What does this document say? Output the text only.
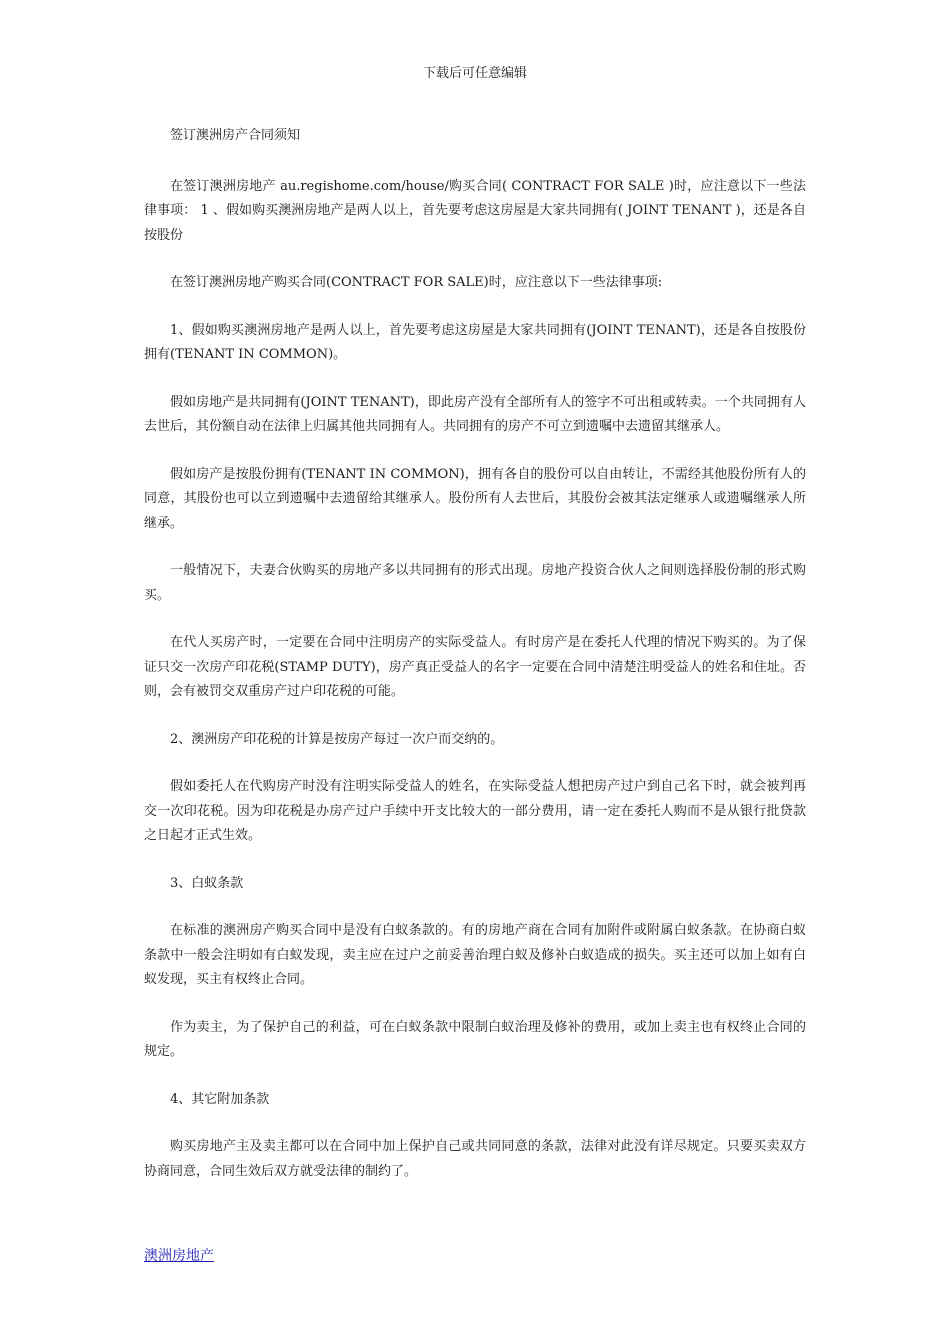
下载后可任意编辑

签订澳洲房产合同须知

在签订澳洲房地产 au.regishome.com/house/购买合同( CONTRACT FOR SALE )时，应注意以下一些法律事项： 1 、假如购买澳洲房地产是两人以上，首先要考虑这房屋是大家共同拥有( JOINT TENANT )，还是各自按股份

在签订澳洲房地产购买合同(CONTRACT FOR SALE)时，应注意以下一些法律事项:

1、假如购买澳洲房地产是两人以上，首先要考虑这房屋是大家共同拥有(JOINT TENANT)，还是各自按股份拥有(TENANT IN COMMON)。

假如房地产是共同拥有(JOINT TENANT)，即此房产没有全部所有人的签字不可出租或转卖。一个共同拥有人去世后，其份额自动在法律上归属其他共同拥有人。共同拥有的房产不可立到遗嘱中去遗留其继承人。

假如房产是按股份拥有(TENANT IN COMMON)，拥有各自的股份可以自由转让，不需经其他股份所有人的同意，其股份也可以立到遗嘱中去遗留给其继承人。股份所有人去世后，其股份会被其法定继承人或遗嘱继承人所继承。

一般情况下，夫妻合伙购买的房地产多以共同拥有的形式出现。房地产投资合伙人之间则选择股份制的形式购买。

在代人买房产时，一定要在合同中注明房产的实际受益人。有时房产是在委托人代理的情况下购买的。为了保证只交一次房产印花税(STAMP DUTY)，房产真正受益人的名字一定要在合同中清楚注明受益人的姓名和住址。否则，会有被罚交双重房产过户印花税的可能。

2、澳洲房产印花税的计算是按房产每过一次户而交纳的。

假如委托人在代购房产时没有注明实际受益人的姓名，在实际受益人想把房产过户到自己名下时，就会被判再交一次印花税。因为印花税是办房产过户手续中开支比较大的一部分费用，请一定在委托人购而不是从银行批贷款之日起才正式生效。

3、白蚁条款

在标准的澳洲房产购买合同中是没有白蚁条款的。有的房地产商在合同有加附件或附属白蚁条款。在协商白蚁条款中一般会注明如有白蚁发现，卖主应在过户之前妥善治理白蚁及修补白蚁造成的损失。买主还可以加上如有白蚁发现，买主有权终止合同。

作为卖主，为了保护自己的利益，可在白蚁条款中限制白蚁治理及修补的费用，或加上卖主也有权终止合同的规定。

4、其它附加条款

购买房地产主及卖主都可以在合同中加上保护自己或共同同意的条款，法律对此没有详尽规定。只要买卖双方协商同意，合同生效后双方就受法律的制约了。

澳洲房地产
